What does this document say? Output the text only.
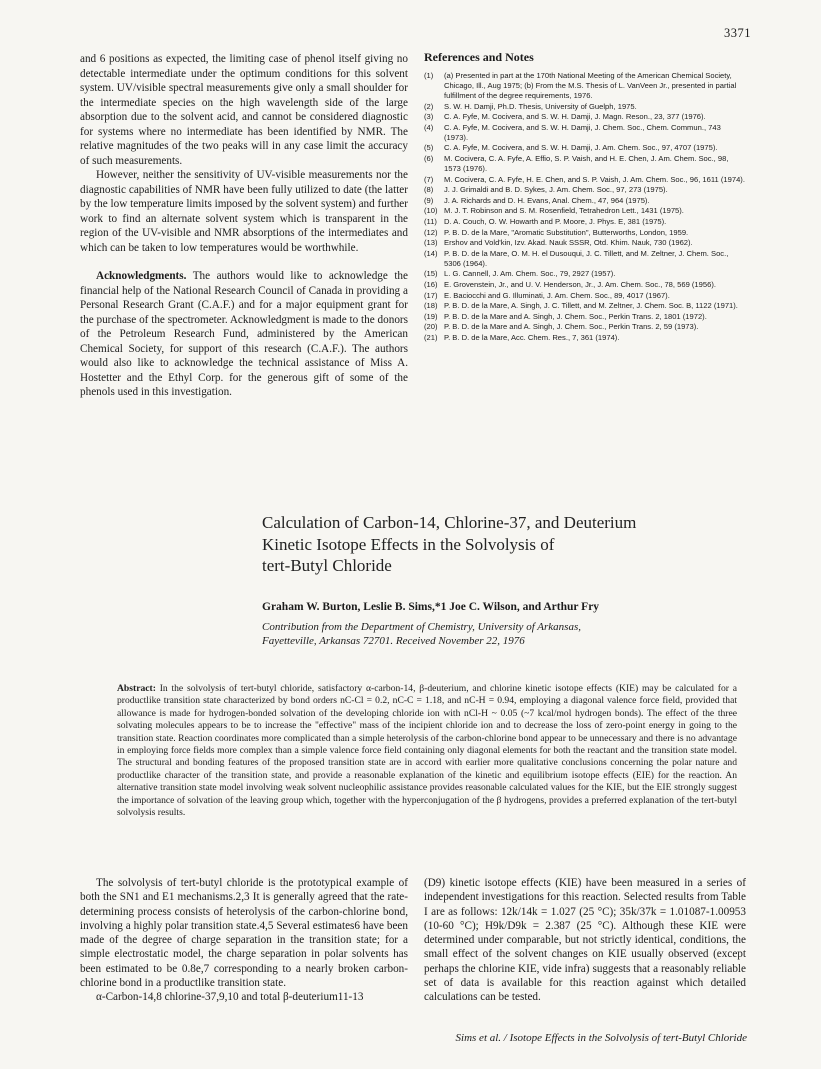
3371

and 6 positions as expected, the limiting case of phenol itself giving no detectable intermediate under the optimum conditions for this solvent system. UV/visible spectral measurements give only a small shoulder for the intermediate species on the high wavelength side of the large absorption due to the solvent acid, and cannot be considered diagnostic for systems where no intermediate has been identified by NMR. The relative magnitudes of the two peaks will in any case limit the accuracy of such measurements.

However, neither the sensitivity of UV-visible measurements nor the diagnostic capabilities of NMR have been fully utilized to date (the latter by the low temperature limits imposed by the solvent system) and further work to find an alternate solvent system which is transparent in the region of the UV-visible and NMR absorptions of the intermediates and which can be taken to low temperatures would be worthwhile.

Acknowledgments. The authors would like to acknowledge the financial help of the National Research Council of Canada in providing a Personal Research Grant (C.A.F.) and for a major equipment grant for the purchase of the spectrometer. Acknowledgment is made to the donors of the Petroleum Research Fund, administered by the American Chemical Society, for support of this research (C.A.F.). The authors would also like to acknowledge the technical assistance of Miss A. Hostetter and the Ethyl Corp. for the generous gift of some of the phenols used in this investigation.

References and Notes
(1) (a) Presented in part at the 170th National Meeting of the American Chemical Society, Chicago, Ill., Aug 1975; (b) From the M.S. Thesis of L. VanVeen Jr., presented in partial fulfillment of the degree requirements, 1976.
(2) S. W. H. Damji, Ph.D. Thesis, University of Guelph, 1975.
(3) C. A. Fyfe, M. Cocivera, and S. W. H. Damji, J. Magn. Reson., 23, 377 (1976).
(4) C. A. Fyfe, M. Cocivera, and S. W. H. Damji, J. Chem. Soc., Chem. Commun., 743 (1973).
(5) C. A. Fyfe, M. Cocivera, and S. W. H. Damji, J. Am. Chem. Soc., 97, 4707 (1975).
(6) M. Cocivera, C. A. Fyfe, A. Effio, S. P. Vaish, and H. E. Chen, J. Am. Chem. Soc., 98, 1573 (1976).
(7) M. Cocivera, C. A. Fyfe, H. E. Chen, and S. P. Vaish, J. Am. Chem. Soc., 96, 1611 (1974).
(8) J. J. Grimaldi and B. D. Sykes, J. Am. Chem. Soc., 97, 273 (1975).
(9) J. A. Richards and D. H. Evans, Anal. Chem., 47, 964 (1975).
(10) M. J. T. Robinson and S. M. Rosenfield, Tetrahedron Lett., 1431 (1975).
(11) D. A. Couch, O. W. Howarth and P. Moore, J. Phys. E, 381 (1975).
(12) P. B. D. de la Mare, "Aromatic Substitution", Butterworths, London, 1959.
(13) Ershov and Vold'kin, Izv. Akad. Nauk SSSR, Otd. Khim. Nauk, 730 (1962).
(14) P. B. D. de la Mare, O. M. H. el Dusouqui, J. C. Tillett, and M. Zeltner, J. Chem. Soc., 5306 (1964).
(15) L. G. Cannell, J. Am. Chem. Soc., 79, 2927 (1957).
(16) E. Grovenstein, Jr., and U. V. Henderson, Jr., J. Am. Chem. Soc., 78, 569 (1956).
(17) E. Baciocchi and G. Illuminati, J. Am. Chem. Soc., 89, 4017 (1967).
(18) P. B. D. de la Mare, A. Singh, J. C. Tillett, and M. Zeltner, J. Chem. Soc. B, 1122 (1971).
(19) P. B. D. de la Mare and A. Singh, J. Chem. Soc., Perkin Trans. 2, 1801 (1972).
(20) P. B. D. de la Mare and A. Singh, J. Chem. Soc., Perkin Trans. 2, 59 (1973).
(21) P. B. D. de la Mare, Acc. Chem. Res., 7, 361 (1974).
Calculation of Carbon-14, Chlorine-37, and Deuterium
Kinetic Isotope Effects in the Solvolysis of
tert-Butyl Chloride
Graham W. Burton, Leslie B. Sims,*1 Joe C. Wilson, and Arthur Fry
Contribution from the Department of Chemistry, University of Arkansas,
Fayetteville, Arkansas 72701. Received November 22, 1976
Abstract: In the solvolysis of tert-butyl chloride, satisfactory α-carbon-14, β-deuterium, and chlorine kinetic isotope effects (KIE) may be calculated for a productlike transition state characterized by bond orders nC-Cl = 0.2, nC-C = 1.18, and nC-H = 0.94, employing a diagonal valence force field, provided that allowance is made for hydrogen-bonded solvation of the developing chloride ion with nCl-H ~ 0.05 (~7 kcal/mol hydrogen bonds). The effect of the three solvating molecules appears to be to increase the "effective" mass of the incipient chloride ion and to decrease the loss of zero-point energy in going to the transition state. Reaction coordinates more complicated than a simple heterolysis of the carbon-chlorine bond appear to be unnecessary and there is no advantage in employing force fields more complex than a simple valence force field containing only diagonal elements for both the reactant and the transition state model. The structural and bonding features of the proposed transition state are in accord with earlier more qualitative conclusions concerning the polar nature and productlike character of the transition state, and provide a reasonable explanation of the kinetic and equilibrium isotope effects (EIE) for the reaction. An alternative transition state model involving weak solvent nucleophilic assistance provides reasonable calculated values for the KIE, but the EIE strongly suggest the importance of solvation of the leaving group which, together with the hyperconjugation of the β hydrogens, provides a preferred explanation of the tert-butyl solvolysis results.

The solvolysis of tert-butyl chloride is the prototypical example of both the SN1 and E1 mechanisms.2,3 It is generally agreed that the rate-determining process consists of heterolysis of the carbon-chlorine bond, involving a highly polar transition state.4,5 Several estimates6 have been made of the degree of charge separation in the transition state; for a simple electrostatic model, the charge separation in polar solvents has been estimated to be 0.8e,7 corresponding to a nearly broken carbon-chlorine bond in a productlike transition state.

α-Carbon-14,8 chlorine-37,9,10 and total β-deuterium11-13

(D9) kinetic isotope effects (KIE) have been measured in a series of independent investigations for this reaction. Selected results from Table I are as follows: 12k/14k = 1.027 (25 °C); 35k/37k = 1.01087-1.00953 (10-60 °C); H9k/D9k = 2.387 (25 °C). Although these KIE were determined under comparable, but not strictly identical, conditions, the small effect of the solvent changes on KIE usually observed (except perhaps the chlorine KIE, vide infra) suggests that a reasonably reliable set of data is available for this reaction against which detailed calculations can be tested.

Sims et al. / Isotope Effects in the Solvolysis of tert-Butyl Chloride
